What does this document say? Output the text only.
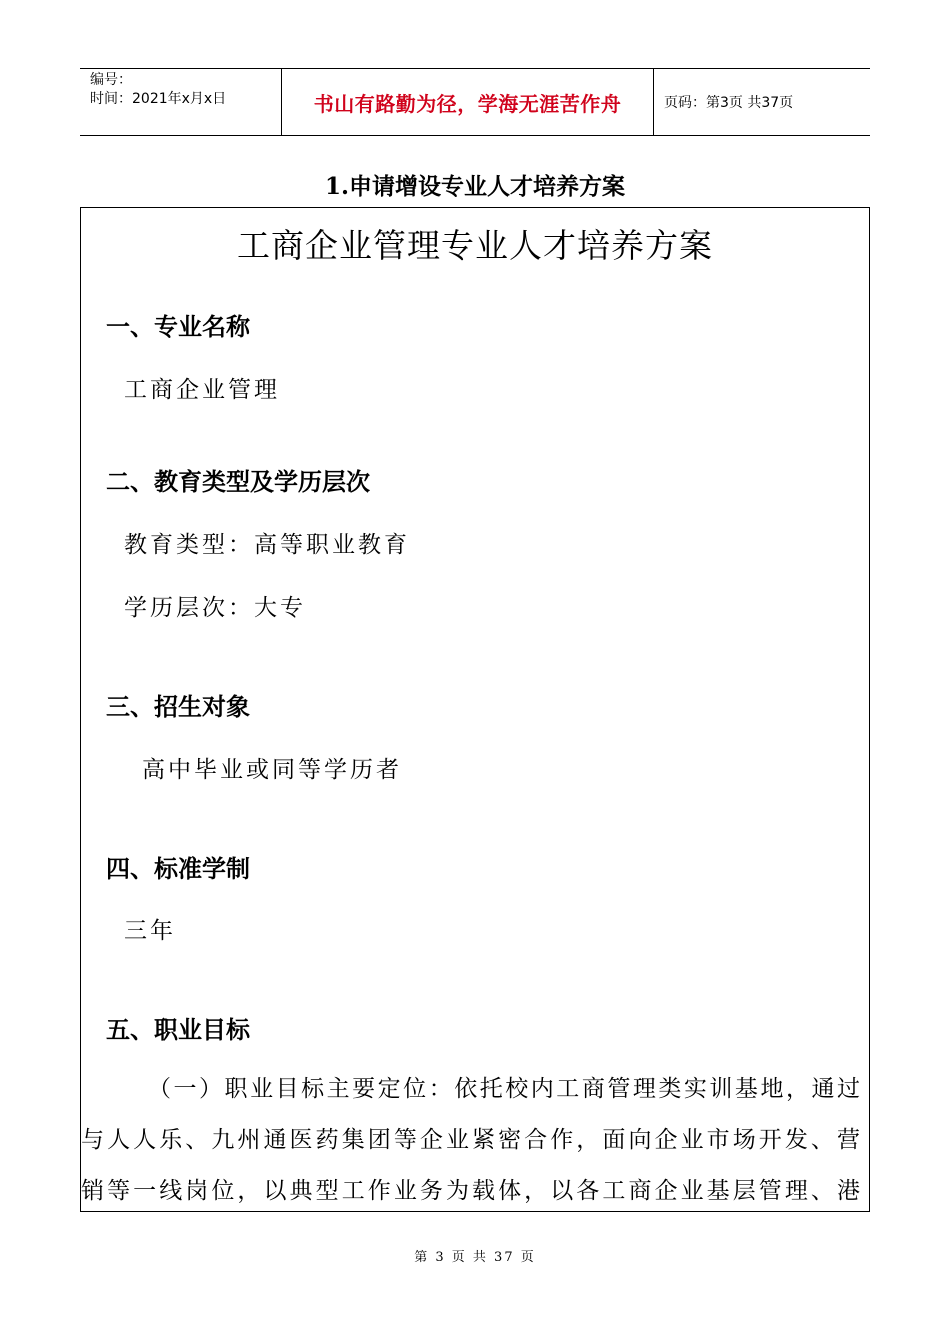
编号：
时间：2021年x月x日	书山有路勤为径，学海无涯苦作舟	页码：第3页 共37页
1.申请增设专业人才培养方案
工商企业管理专业人才培养方案
一、专业名称
工商企业管理
二、教育类型及学历层次
教育类型：高等职业教育
学历层次：大专
三、招生对象
高中毕业或同等学历者
四、标准学制
三年
五、职业目标
（一）职业目标主要定位：依托校内工商管理类实训基地，通过
与人人乐、九州通医药集团等企业紧密合作，面向企业市场开发、营
销等一线岗位，以典型工作业务为载体，以各工商企业基层管理、港
第 3 页 共 37 页
